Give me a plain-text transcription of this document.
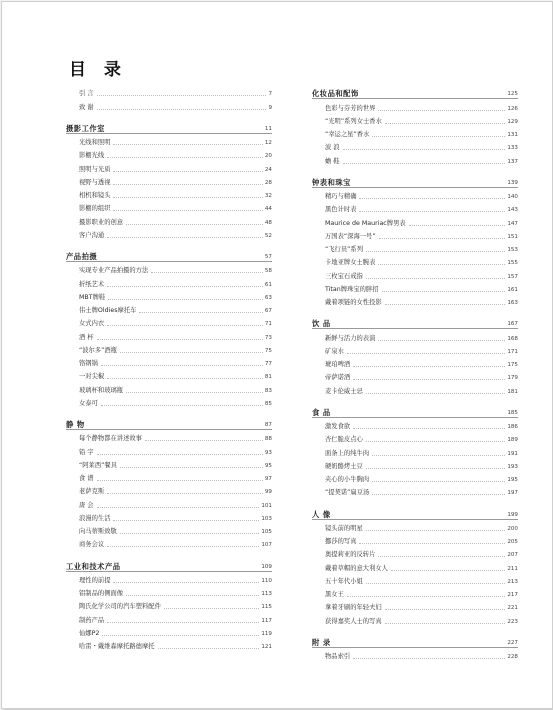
目 录
引 言	7
致 谢	9
摄影工作室	11
光线和照明	12
影棚光线	20
照明与光质	24
视野与透视	28
相机和镜头	32
影棚的组织	44
摄影职业的创意	48
客户沟通	52
产品拍摄	57
实现专业产品拍摄的方法	58
折纸艺术	61
MBT牌鞋	63
伟士牌Oldies摩托车	67
女式内衣	71
酒 杯	73
“波尔多”酒瓶	75
铬钢锅	77
一对尖椒	81
玻璃杯和玻璃瓶	83
女泰可	85
静 物	87
每个静物都在讲述故事	88
铅 字	93
“阿莱西”餐具	95
食 谱	97
老萨克斯	99
唐 会	101
浪漫的生活	103
向马蒂斯致敬	105
商务会议	107
工业和技术产品	109
理性的前提	110
铝制品的侧面像	113
陶氏化学公司的汽车塑料配件	115
制药产品	117
仙娜P2	119
哈雷・戴维森摩托路德摩托	121
化妆品和配饰	125
色彩与芬芳的世界	126
“光明”系列女士香水	129
“幸运之星”香水	131
波 浪	133
蟾 鞋	137
钟表和珠宝	139
精巧与精确	140
黑色计时表	143
Maurice de Mauriac牌男表	147
万国表“深海一号”	151
“飞行员”系列	153
卡地亚牌女士腕表	155
三枚宝石戒指	157
Titan牌珠宝的胖招	161
戴着项链的女性投影	163
饮 品	167
新鲜与活力的表演	168
矿泉水	171
琥珀啤酒	175
帝萨诺酒	179
麦卡伦威士忌	181
食 品	185
激发食欲	186
杏仁脆皮点心	189
面条上的纯牛肉	191
硬奶酪烤土豆	193
夹心的小牛胸肉	195
“提契诺”扁豆汤	197
人 像	199
镜头前的明星	200
挪莎的写真	205
奥提莉亚的反转片	207
戴着草帽的意大利女人	211
五十年代小姐	213
黑女王	217
拿着牙刷的年轻夫妇	221
获得嘉奖人士的写真	223
附 录	227
物品索引	228
